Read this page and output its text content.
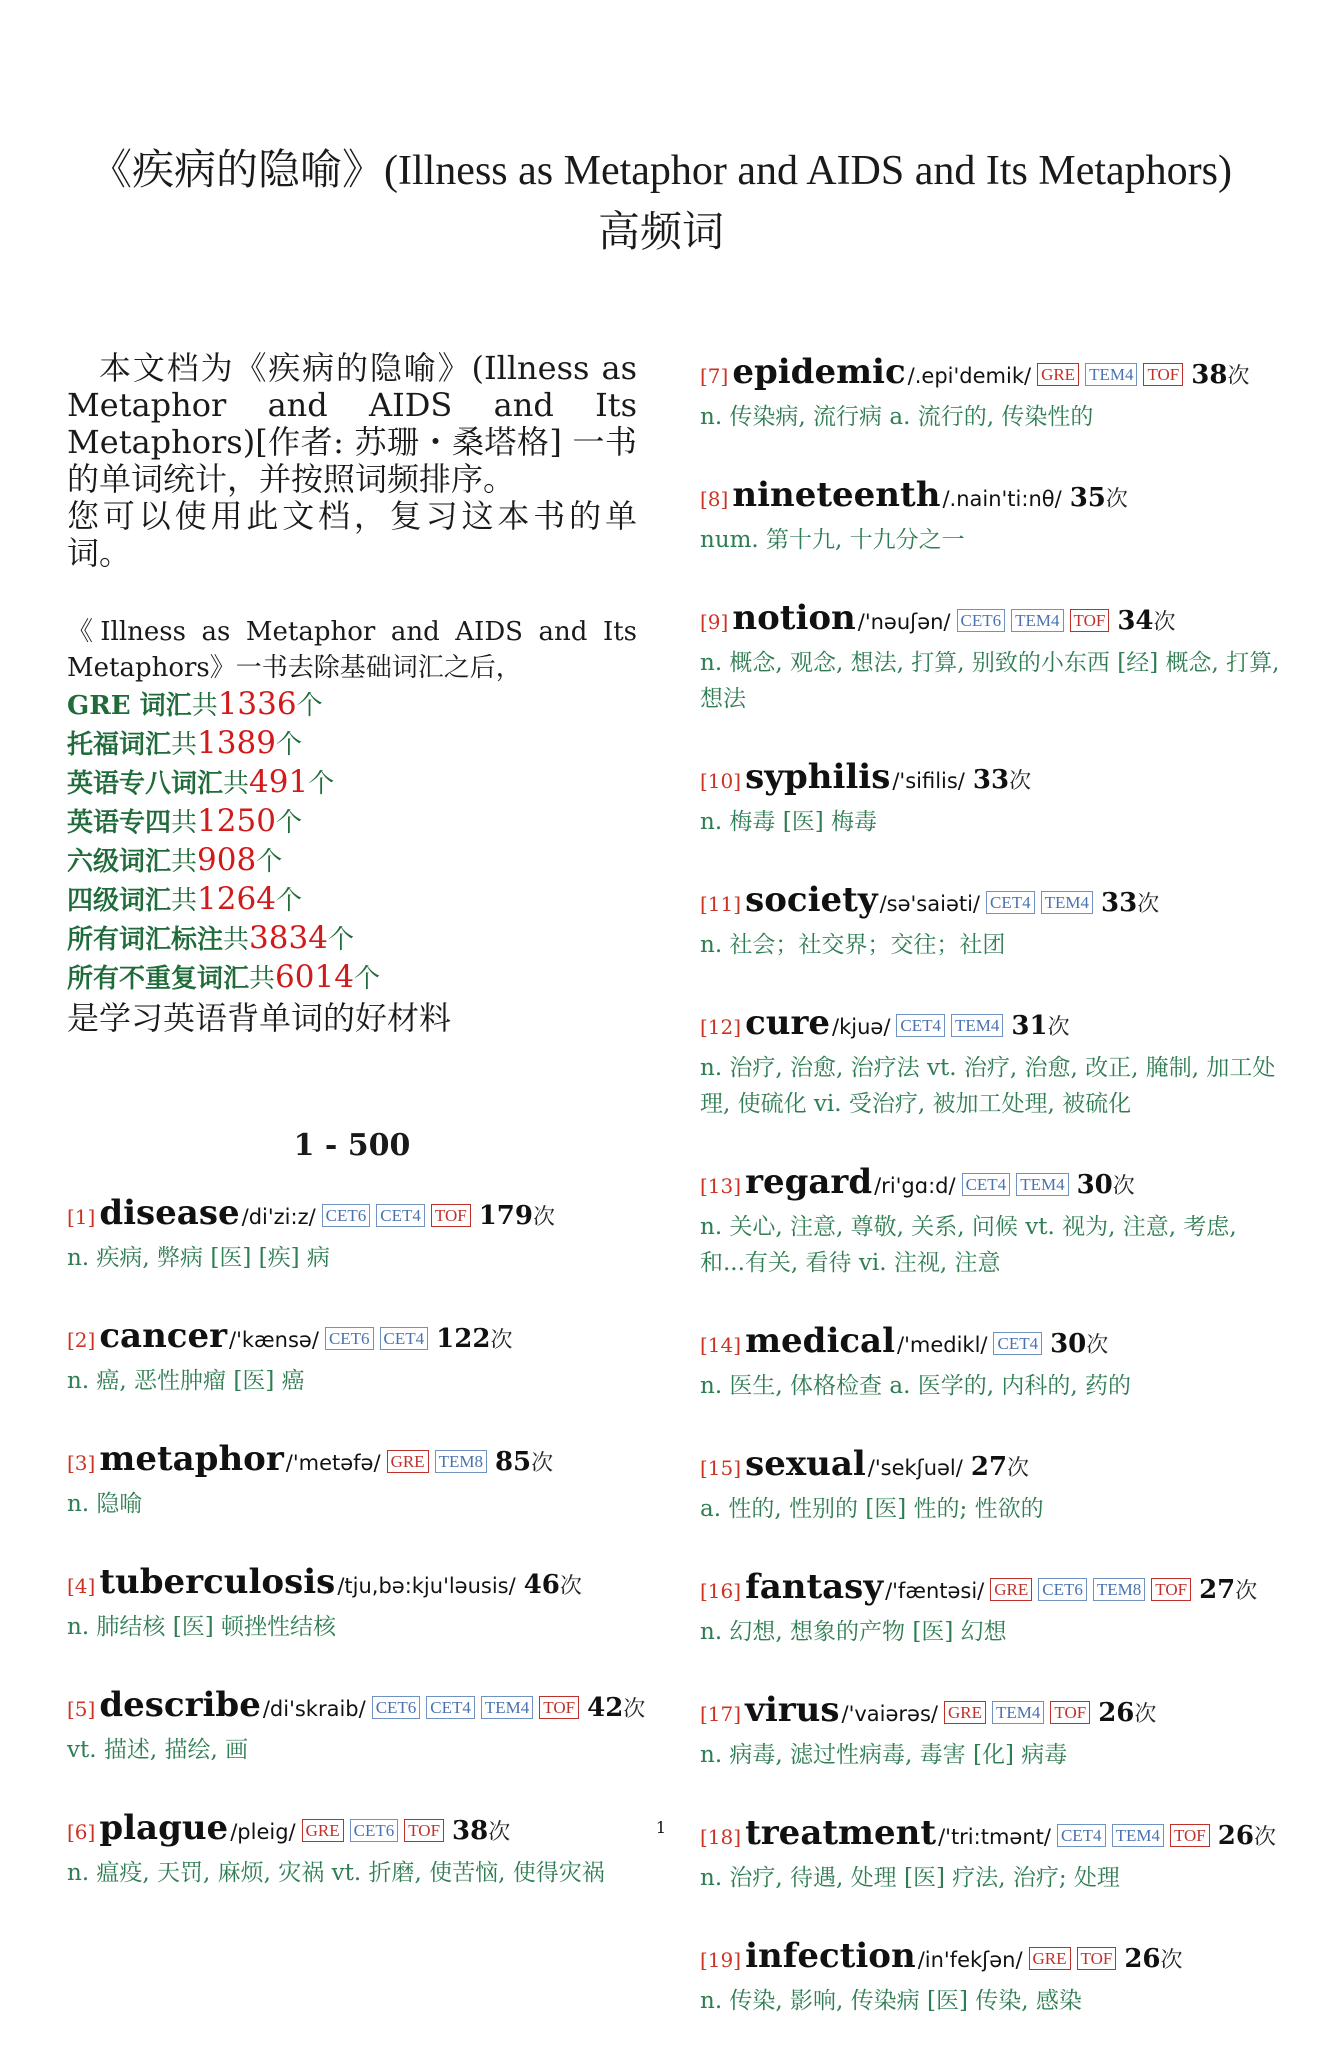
《疾病的隐喻》(Illness as Metaphor and AIDS and Its Metaphors)
高频词
本文档为《疾病的隐喻》(Illness as Metaphor and AIDS and Its Metaphors)[作者: 苏珊・桑塔格] 一书的单词统计，并按照词频排序。
您可以使用此文档，复习这本书的单词。
《Illness as Metaphor and AIDS and Its Metaphors》一书去除基础词汇之后，
GRE 词汇共1336个
托福词汇共1389个
英语专八词汇共491个
英语专四共1250个
六级词汇共908个
四级词汇共1264个
所有词汇标注共3834个
所有不重复词汇共6014个
是学习英语背单词的好材料
1 - 500
[1] disease/di'zi:z/ CET6 CET4 TOF 179次
n. 疾病, 弊病 [医] [疾] 病
[2] cancer/'kænsə/ CET6 CET4 122次
n. 癌, 恶性肿瘤 [医] 癌
[3] metaphor/'metəfə/ GRE TEM8 85次
n. 隐喻
[4] tuberculosis/tju,bə:kju'ləusis/ 46次
n. 肺结核 [医] 顿挫性结核
[5] describe/di'skraib/ CET6 CET4 TEM4 TOF 42次
vt. 描述, 描绘, 画
[6] plague/pleig/ GRE CET6 TOF 38次
n. 瘟疫, 天罚, 麻烦, 灾祸 vt. 折磨, 使苦恼, 使得灾祸
[7] epidemic/.epi'demik/ GRE TEM4 TOF 38次
n. 传染病, 流行病 a. 流行的, 传染性的
[8] nineteenth/.nain'ti:nθ/ 35次
num. 第十九, 十九分之一
[9] notion/'nəuʃən/ CET6 TEM4 TOF 34次
n. 概念, 观念, 想法, 打算, 别致的小东西 [经] 概念, 打算, 想法
[10] syphilis/'sifilis/ 33次
n. 梅毒 [医] 梅毒
[11] society/sə'saiəti/ CET4 TEM4 33次
n. 社会；社交界；交往；社团
[12] cure/kjuə/ CET4 TEM4 31次
n. 治疗, 治愈, 治疗法 vt. 治疗, 治愈, 改正, 腌制, 加工处理, 使硫化 vi. 受治疗, 被加工处理, 被硫化
[13] regard/ri'gɑ:d/ CET4 TEM4 30次
n. 关心, 注意, 尊敬, 关系, 问候 vt. 视为, 注意, 考虑, 和...有关, 看待 vi. 注视, 注意
[14] medical/'medikl/ CET4 30次
n. 医生, 体格检查 a. 医学的, 内科的, 药的
[15] sexual/'sekʃuəl/ 27次
a. 性的, 性别的 [医] 性的; 性欲的
[16] fantasy/'fæntəsi/ GRE CET6 TEM8 TOF 27次
n. 幻想, 想象的产物 [医] 幻想
[17] virus/'vaiərəs/ GRE TEM4 TOF 26次
n. 病毒, 滤过性病毒, 毒害 [化] 病毒
[18] treatment/'tri:tmənt/ CET4 TEM4 TOF 26次
n. 治疗, 待遇, 处理 [医] 疗法, 治疗; 处理
[19] infection/in'fekʃən/ GRE TOF 26次
n. 传染, 影响, 传染病 [医] 传染, 感染
1
